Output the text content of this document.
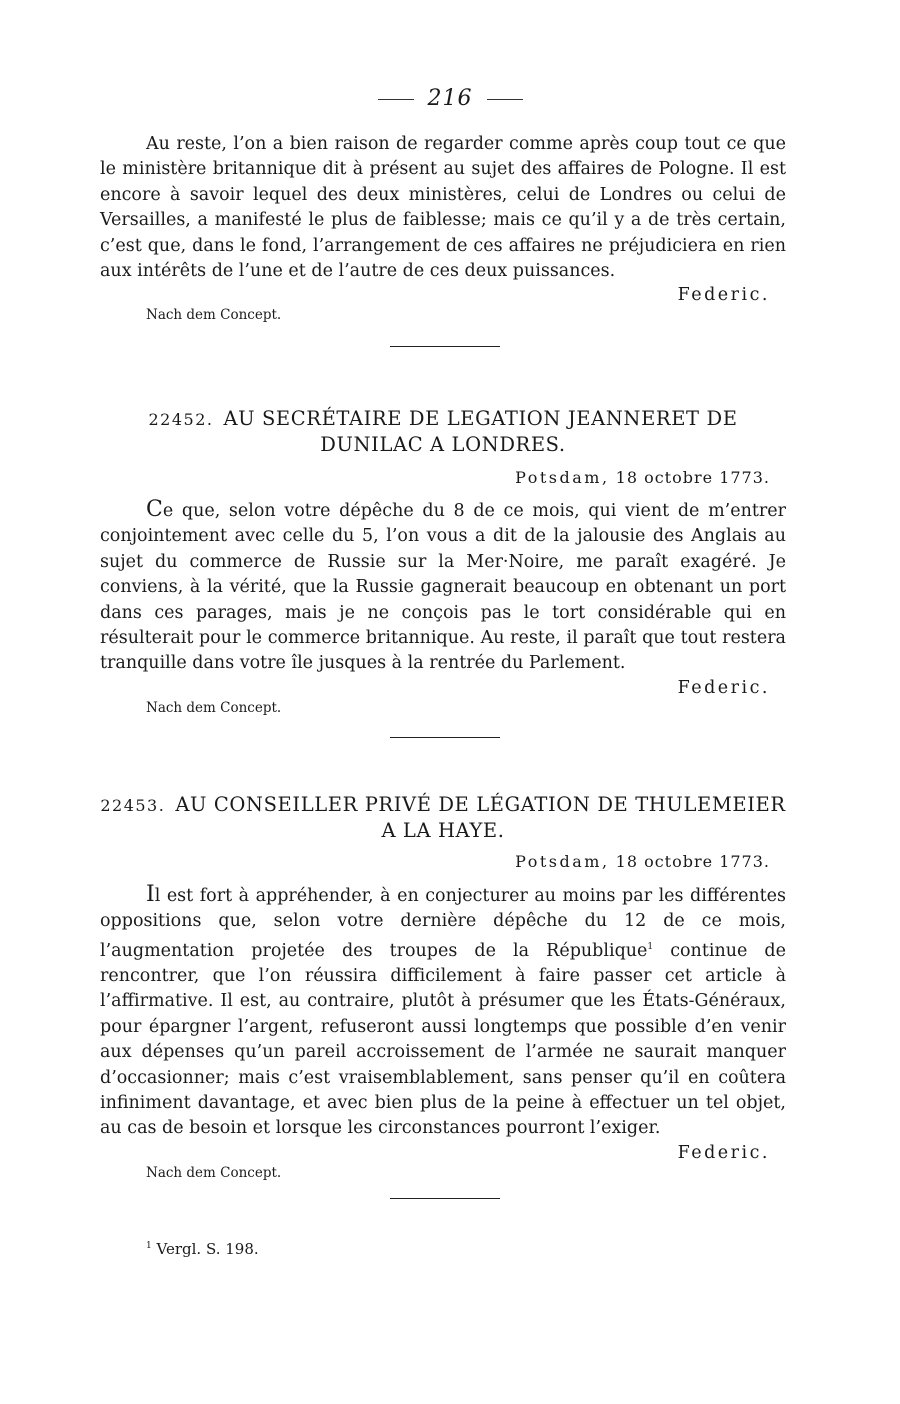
216

Au reste, l’on a bien raison de regarder comme après coup tout ce que le ministère britannique dit à présent au sujet des affaires de Pologne. Il est encore à savoir lequel des deux ministères, celui de Londres ou celui de Versailles, a manifesté le plus de faiblesse; mais ce qu’il y a de très certain, c’est que, dans le fond, l’arrangement de ces affaires ne préjudiciera en rien aux intérêts de l’une et de l’autre de ces deux puissances.

Federic.

Nach dem Concept.

22452. AU SECRÉTAIRE DE LEGATION JEANNERET DE DUNILAC A LONDRES.
Potsdam, 18 octobre 1773.

Ce que, selon votre dépêche du 8 de ce mois, qui vient de m’entrer conjointement avec celle du 5, l’on vous a dit de la jalousie des Anglais au sujet du commerce de Russie sur la Mer·Noire, me paraît exagéré. Je conviens, à la vérité, que la Russie gagnerait beaucoup en obtenant un port dans ces parages, mais je ne conçois pas le tort considérable qui en résulterait pour le commerce britannique. Au reste, il paraît que tout restera tranquille dans votre île jusques à la rentrée du Parlement.

Federic.

Nach dem Concept.

22453. AU CONSEILLER PRIVÉ DE LÉGATION DE THULEMEIER A LA HAYE.
Potsdam, 18 octobre 1773.

Il est fort à appréhender, à en conjecturer au moins par les différentes oppositions que, selon votre dernière dépêche du 12 de ce mois, l’augmentation projetée des troupes de la République$^1$ continue de rencontrer, que l’on réussira difficilement à faire passer cet article à l’affirmative. Il est, au contraire, plutôt à présumer que les États-Généraux, pour épargner l’argent, refuseront aussi longtemps que possible d’en venir aux dépenses qu’un pareil accroissement de l’armée ne saurait manquer d’occasionner; mais c’est vraisemblablement, sans penser qu’il en coûtera infiniment davantage, et avec bien plus de la peine à effectuer un tel objet, au cas de besoin et lorsque les circonstances pourront l’exiger.

Federic.

Nach dem Concept.

$^1$ Vergl. S. 198.
